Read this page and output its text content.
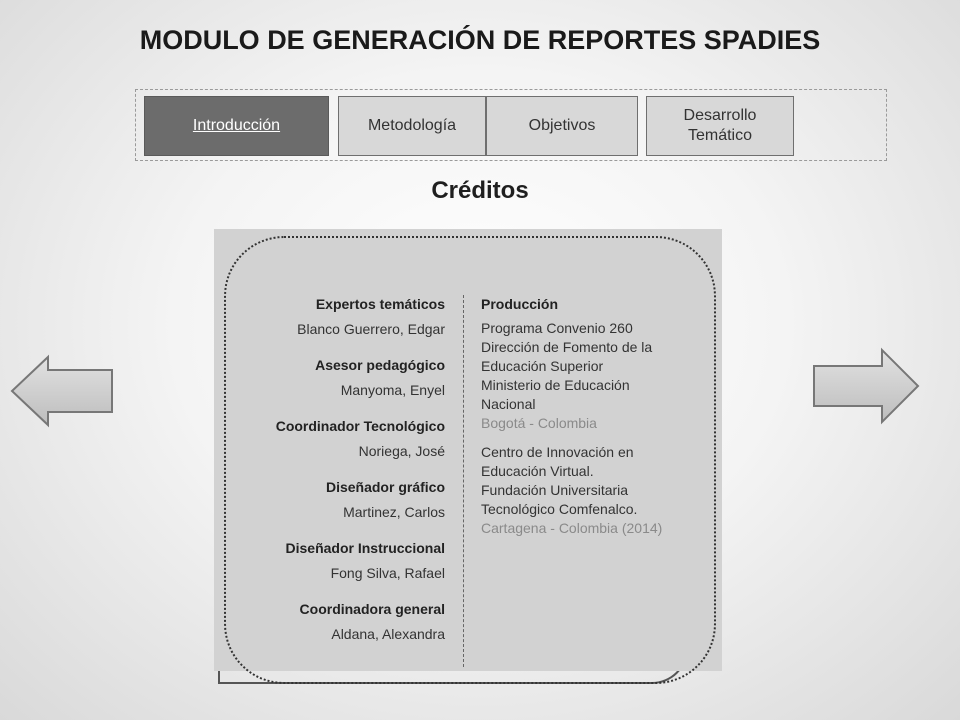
MODULO DE GENERACIÓN DE REPORTES SPADIES
Introducción	Metodología	Objetivos
Desarrollo
Temático
Créditos

Expertos temáticos

Blanco Guerrero, Edgar

Asesor pedagógico

Manyoma, Enyel

Coordinador Tecnológico

Noriega, José

Diseñador gráfico

Martinez, Carlos

Diseñador Instruccional

Fong Silva, Rafael

Coordinadora general

Aldana, Alexandra

Producción

Programa Convenio 260

Dirección de Fomento de la

Educación Superior

Ministerio de Educación

Nacional

Bogotá - Colombia

Centro de Innovación en

Educación Virtual.

Fundación Universitaria

Tecnológico Comfenalco.

Cartagena - Colombia (2014)
